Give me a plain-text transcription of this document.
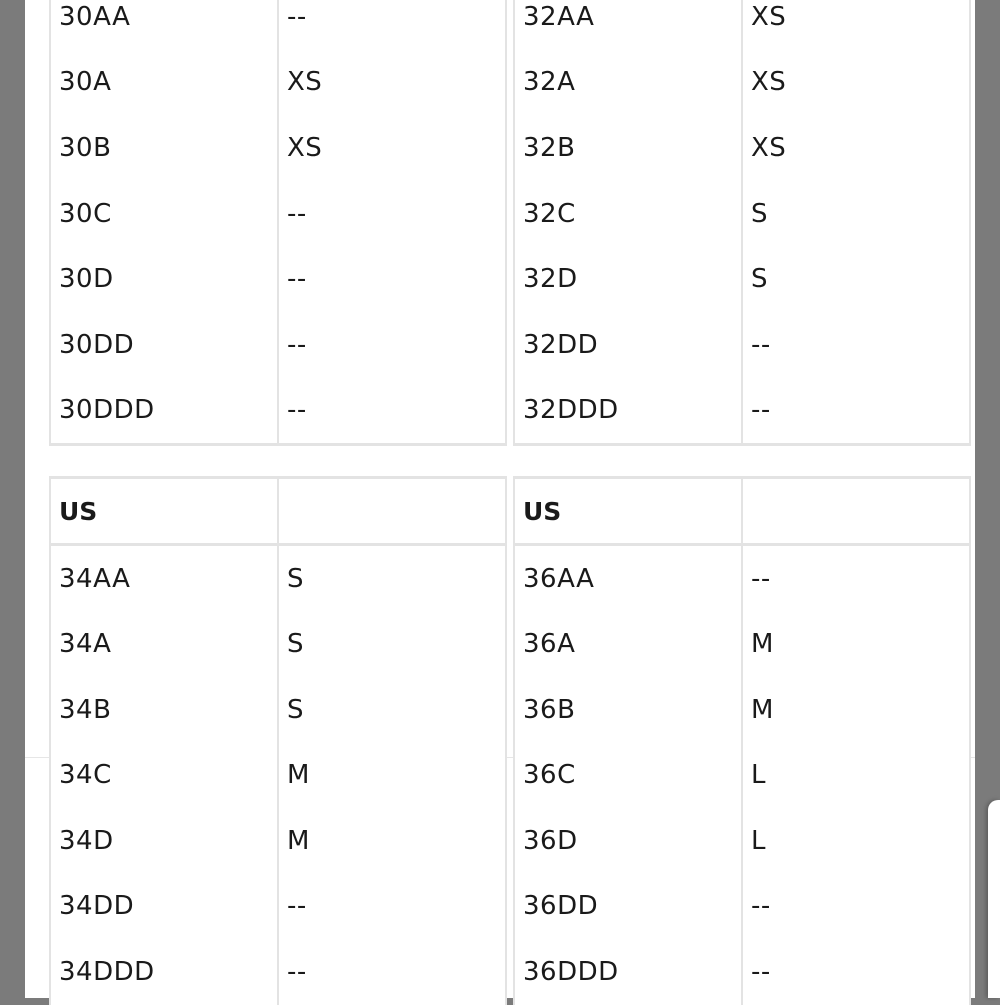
30AA	--
30A	XS
30B	XS
30C	--
30D	--
30DD	--
30DDD	--
32AA	XS
32A	XS
32B	XS
32C	S
32D	S
32DD	--
32DDD	--
US	
34AA	S
34A	S
34B	S
34C	M
34D	M
34DD	--
34DDD	--
US	
36AA	--
36A	M
36B	M
36C	L
36D	L
36DD	--
36DDD	--
